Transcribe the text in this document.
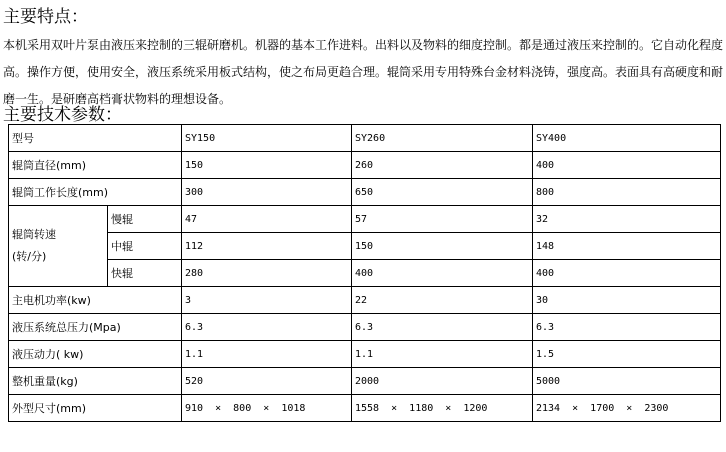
主要特点：
本机采用双叶片泵由液压来控制的三辊研磨机。机器的基本工作进料。出料以及物料的细度控制。都是通过液压来控制的。它自动化程度高。操作方便，使用安全，液压系统采用板式结构，使之布局更趋合理。辊筒采用专用特殊台金材料浇铸，强度高。表面具有高硬度和耐磨一生。是研磨高档膏状物料的理想设备。
主要技术参数：
型号		SY150	SY260	SY400
辊筒直径(mm)		150	260	400
辊筒工作长度(mm)		300	650	800

辊筒转速
(转/分)	慢辊	47	57	32
	中辊	112	150	148
	快辊	280	400	400
主电机功率(kw)		3	22	30
液压系统总压力(Mpa)		6.3	6.3	6.3
液压动力( kw)		1.1	1.1	1.5
整机重量(kg)		520	2000	5000
外型尺寸(mm)		910  ×  800  ×  1018	1558  ×  1180  ×  1200	2134  ×  1700  ×  2300
